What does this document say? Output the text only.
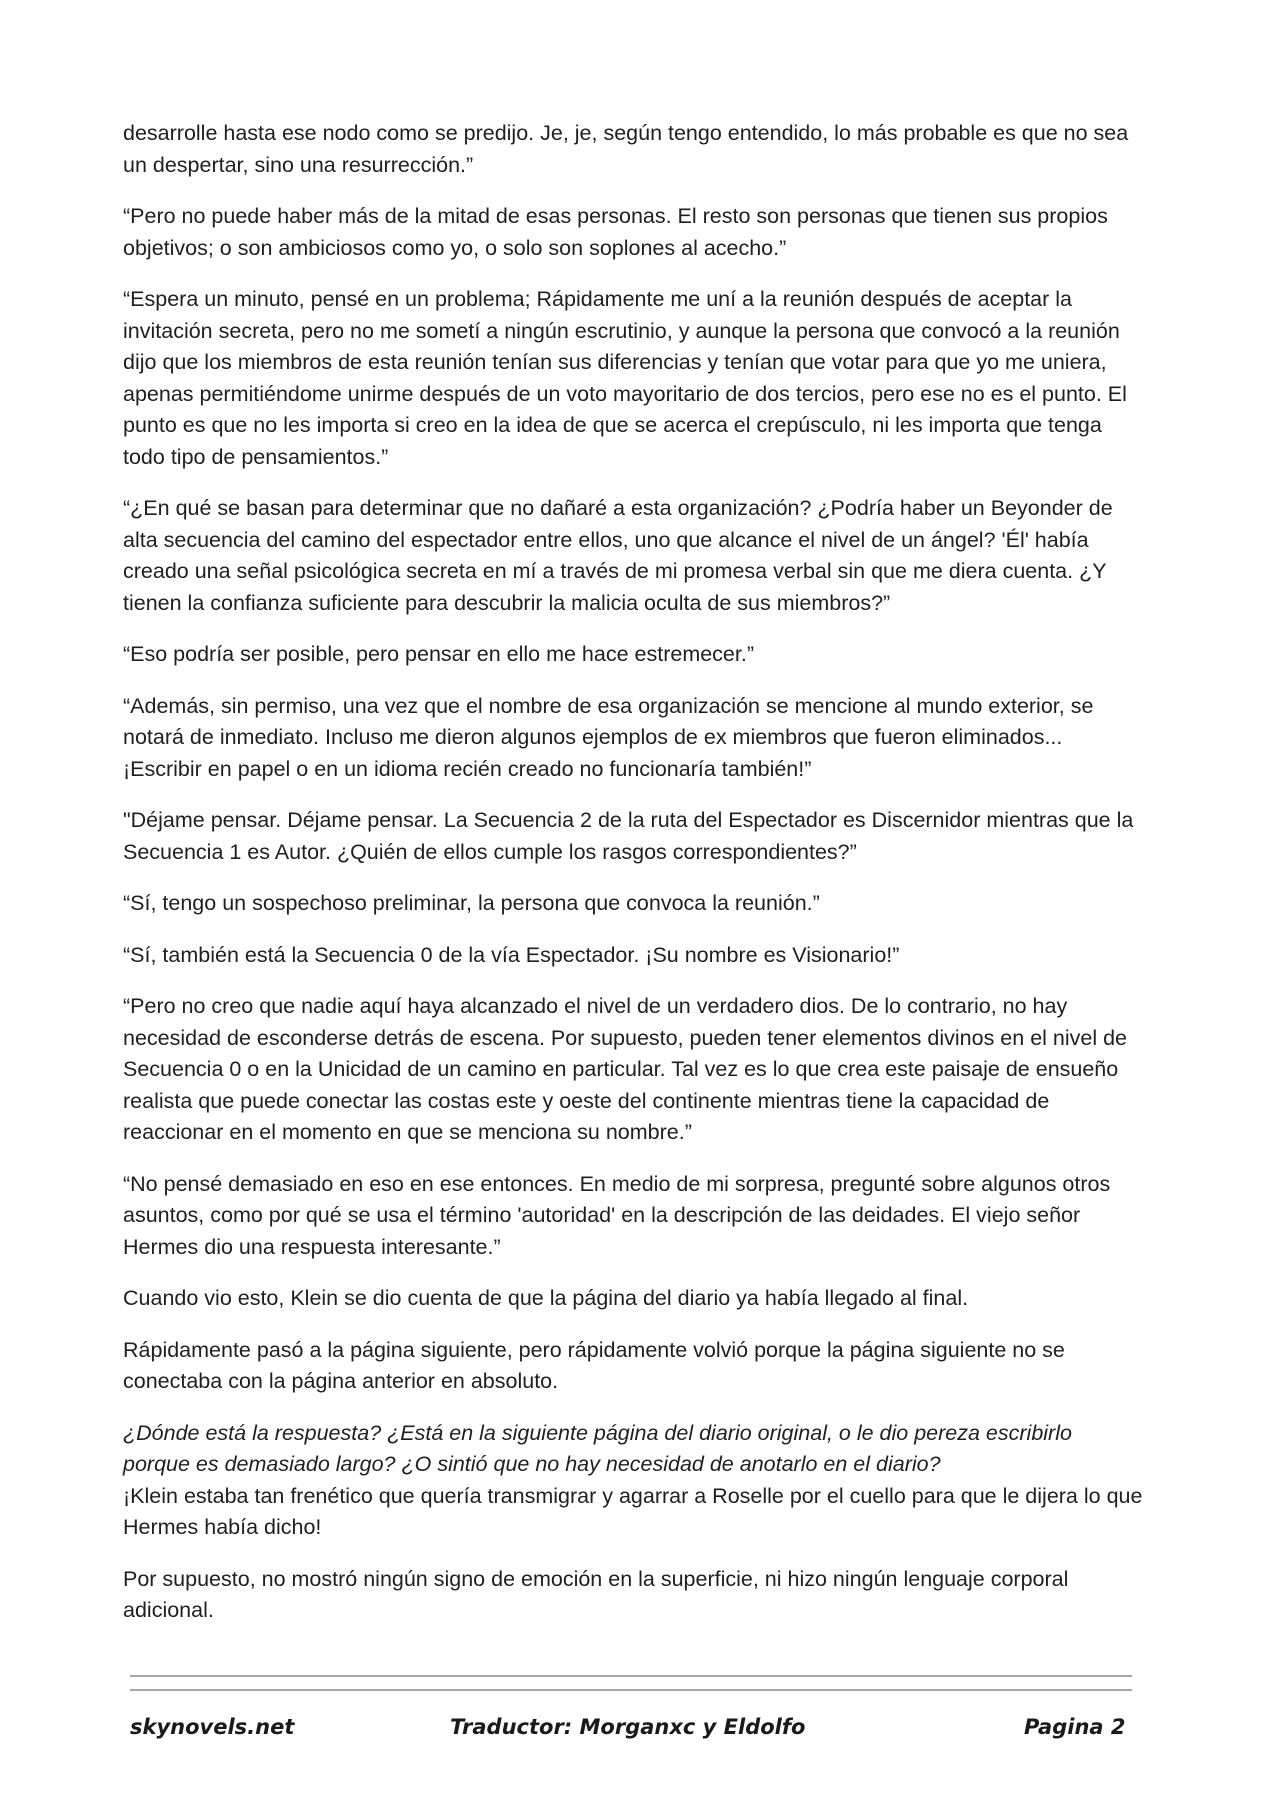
desarrolle hasta ese nodo como se predijo. Je, je, según tengo entendido, lo más probable es que no sea un despertar, sino una resurrección.”

“Pero no puede haber más de la mitad de esas personas. El resto son personas que tienen sus propios objetivos; o son ambiciosos como yo, o solo son soplones al acecho.”

“Espera un minuto, pensé en un problema; Rápidamente me uní a la reunión después de aceptar la invitación secreta, pero no me sometí a ningún escrutinio, y aunque la persona que convocó a la reunión dijo que los miembros de esta reunión tenían sus diferencias y tenían que votar para que yo me uniera, apenas permitiéndome unirme después de un voto mayoritario de dos tercios, pero ese no es el punto. El punto es que no les importa si creo en la idea de que se acerca el crepúsculo, ni les importa que tenga todo tipo de pensamientos.”

“¿En qué se basan para determinar que no dañaré a esta organización? ¿Podría haber un Beyonder de alta secuencia del camino del espectador entre ellos, uno que alcance el nivel de un ángel? 'Él' había creado una señal psicológica secreta en mí a través de mi promesa verbal sin que me diera cuenta. ¿Y tienen la confianza suficiente para descubrir la malicia oculta de sus miembros?”

“Eso podría ser posible, pero pensar en ello me hace estremecer.”

“Además, sin permiso, una vez que el nombre de esa organización se mencione al mundo exterior, se notará de inmediato. Incluso me dieron algunos ejemplos de ex miembros que fueron eliminados... ¡Escribir en papel o en un idioma recién creado no funcionaría también!”

"Déjame pensar. Déjame pensar. La Secuencia 2 de la ruta del Espectador es Discernidor mientras que la Secuencia 1 es Autor. ¿Quién de ellos cumple los rasgos correspondientes?”

“Sí, tengo un sospechoso preliminar, la persona que convoca la reunión.”

“Sí, también está la Secuencia 0 de la vía Espectador. ¡Su nombre es Visionario!”

“Pero no creo que nadie aquí haya alcanzado el nivel de un verdadero dios. De lo contrario, no hay necesidad de esconderse detrás de escena. Por supuesto, pueden tener elementos divinos en el nivel de Secuencia 0 o en la Unicidad de un camino en particular. Tal vez es lo que crea este paisaje de ensueño realista que puede conectar las costas este y oeste del continente mientras tiene la capacidad de reaccionar en el momento en que se menciona su nombre.”

“No pensé demasiado en eso en ese entonces. En medio de mi sorpresa, pregunté sobre algunos otros asuntos, como por qué se usa el término 'autoridad' en la descripción de las deidades. El viejo señor Hermes dio una respuesta interesante.”

Cuando vio esto, Klein se dio cuenta de que la página del diario ya había llegado al final.

Rápidamente pasó a la página siguiente, pero rápidamente volvió porque la página siguiente no se conectaba con la página anterior en absoluto.

¿Dónde está la respuesta? ¿Está en la siguiente página del diario original, o le dio pereza escribirlo porque es demasiado largo? ¿O sintió que no hay necesidad de anotarlo en el diario?

¡Klein estaba tan frenético que quería transmigrar y agarrar a Roselle por el cuello para que le dijera lo que Hermes había dicho!

Por supuesto, no mostró ningún signo de emoción en la superficie, ni hizo ningún lenguaje corporal adicional.

skynovels.net	Traductor: Morganxc y Eldolfo	Pagina 2
